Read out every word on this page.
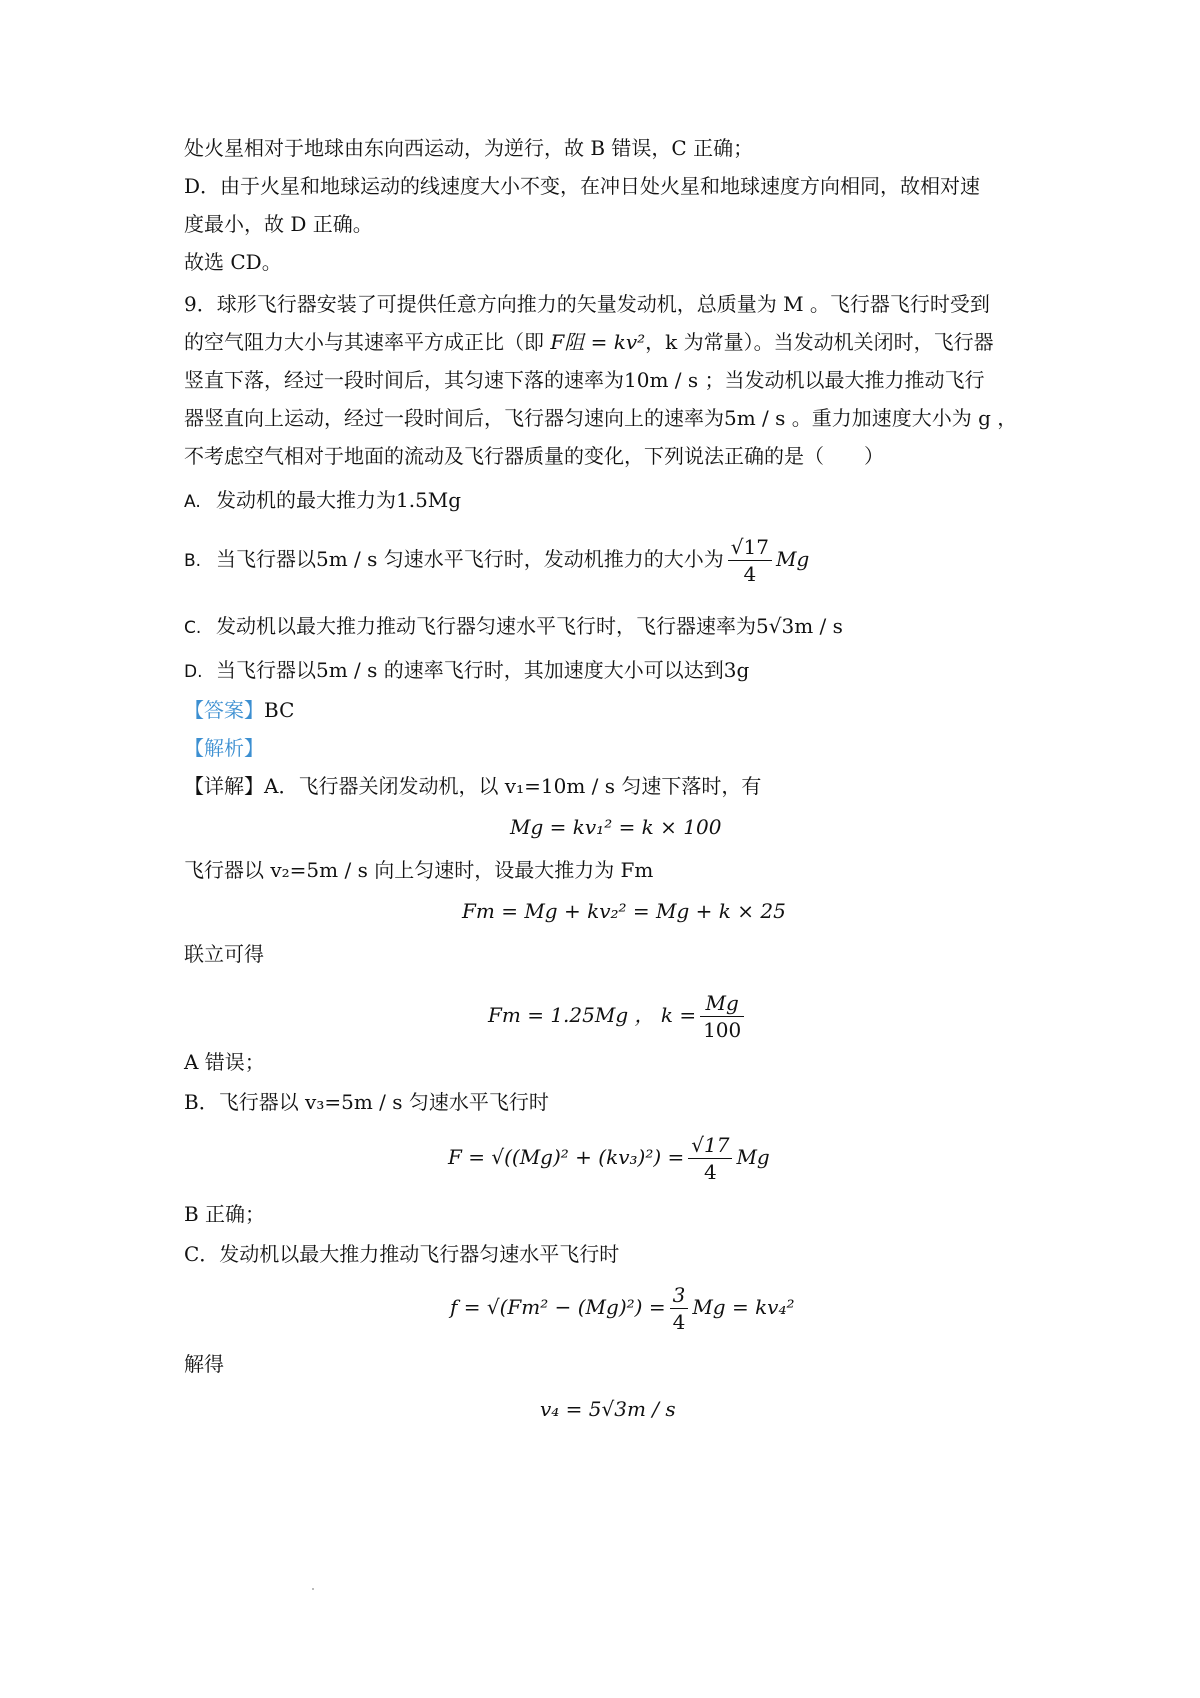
处火星相对于地球由东向西运动，为逆行，故 B 错误，C 正确；
D．由于火星和地球运动的线速度大小不变，在冲日处火星和地球速度方向相同，故相对速
度最小，故 D 正确。
故选 CD。
9．球形飞行器安装了可提供任意方向推力的矢量发动机，总质量为 M 。飞行器飞行时受到
的空气阻力大小与其速率平方成正比（即 F阻 = kv²，k 为常量）。当发动机关闭时，飞行器
竖直下落，经过一段时间后，其匀速下落的速率为10m / s ；当发动机以最大推力推动飞行
器竖直向上运动，经过一段时间后，飞行器匀速向上的速率为5m / s 。重力加速度大小为 g ，
不考虑空气相对于地面的流动及飞行器质量的变化，下列说法正确的是（　　）
A. 发动机的最大推力为1.5Mg
B. 当飞行器以5m / s 匀速水平飞行时，发动机推力的大小为 $\frac{√17}{4}$ Mg
C. 发动机以最大推力推动飞行器匀速水平飞行时，飞行器速率为5√3m / s
D. 当飞行器以5m / s 的速率飞行时，其加速度大小可以达到3g
【答案】BC
【解析】
【详解】A．飞行器关闭发动机，以 v₁=10m / s 匀速下落时，有
Mg = kv₁² = k × 100
飞行器以 v₂=5m / s 向上匀速时，设最大推力为 Fm
Fm = Mg + kv₂² = Mg + k × 25
联立可得
Fm = 1.25Mg ， $k = \frac{Mg}{100}$
A 错误；
B．飞行器以 v₃=5m / s 匀速水平飞行时
$F = √((Mg)^2 + (kv_3)^2) = \frac{√17}{4}$ Mg
B 正确；
C．发动机以最大推力推动飞行器匀速水平飞行时
$f = √(Fm^2 - (Mg)^2) = \frac{3}{4}$ Mg = kv₄²
解得
v₄ = 5√3m / s
